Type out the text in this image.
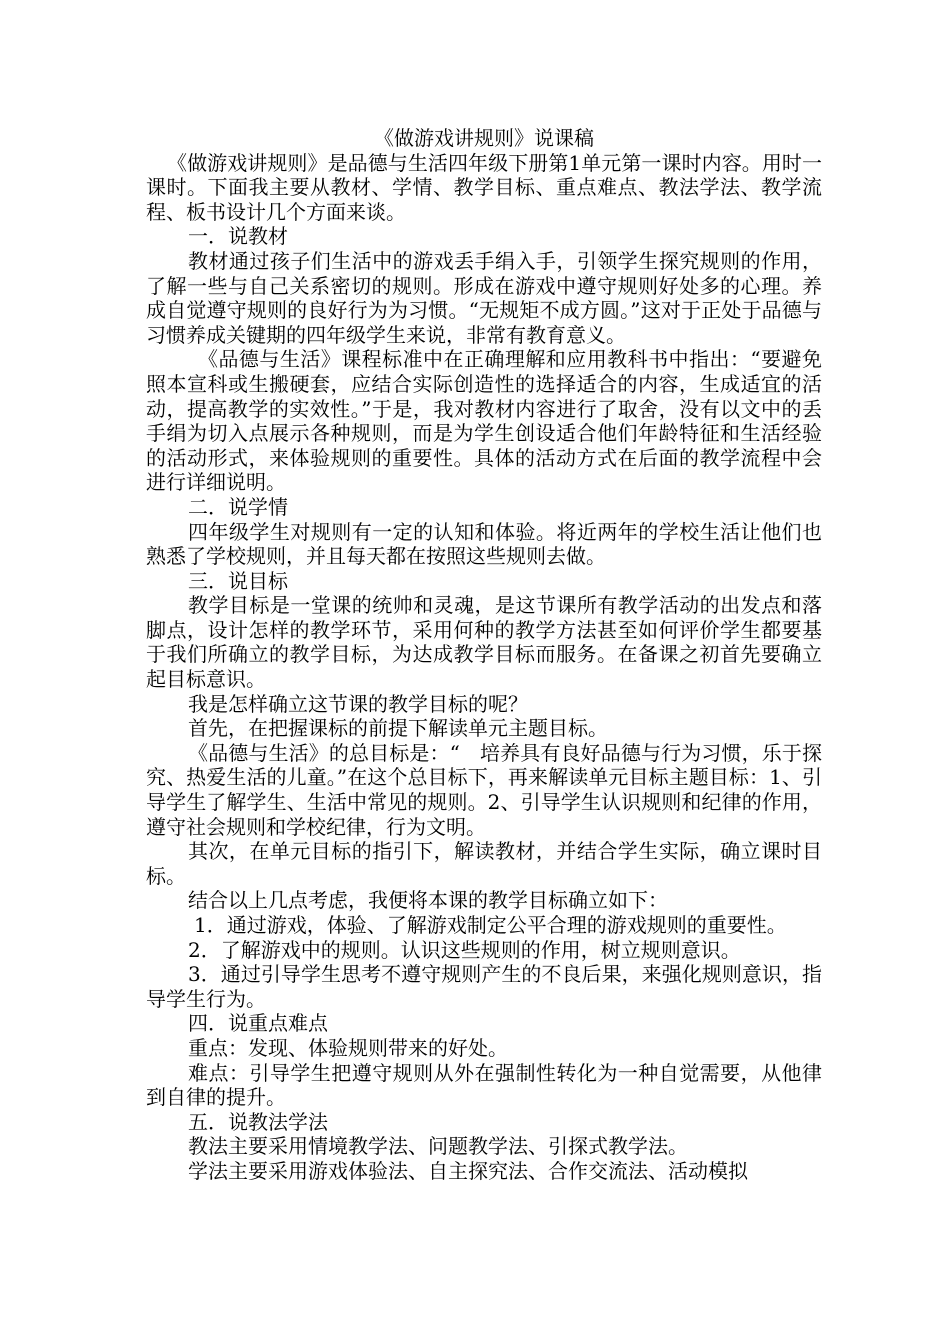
《做游戏讲规则》说课稿

《做游戏讲规则》是品德与生活四年级下册第1单元第一课时内容。用时一课时。下面我主要从教材、学情、教学目标、重点难点、教法学法、教学流程、板书设计几个方面来谈。

一．说教材

教材通过孩子们生活中的游戏丢手绢入手，引领学生探究规则的作用，了解一些与自己关系密切的规则。形成在游戏中遵守规则好处多的心理。养成自觉遵守规则的良好行为为习惯。“无规矩不成方圆。”这对于正处于品德与习惯养成关键期的四年级学生来说，非常有教育意义。

《品德与生活》课程标准中在正确理解和应用教科书中指出：“要避免照本宣科或生搬硬套，应结合实际创造性的选择适合的内容，生成适宜的活动，提高教学的实效性。”于是，我对教材内容进行了取舍，没有以文中的丢手绢为切入点展示各种规则，而是为学生创设适合他们年龄特征和生活经验的活动形式，来体验规则的重要性。具体的活动方式在后面的教学流程中会进行详细说明。

二．说学情

四年级学生对规则有一定的认知和体验。将近两年的学校生活让他们也熟悉了学校规则，并且每天都在按照这些规则去做。

三．说目标

教学目标是一堂课的统帅和灵魂，是这节课所有教学活动的出发点和落脚点，设计怎样的教学环节，采用何种的教学方法甚至如何评价学生都要基于我们所确立的教学目标，为达成教学目标而服务。在备课之初首先要确立起目标意识。

我是怎样确立这节课的教学目标的呢？

首先，在把握课标的前提下解读单元主题目标。

《品德与生活》的总目标是：“　培养具有良好品德与行为习惯，乐于探究、热爱生活的儿童。”在这个总目标下，再来解读单元目标主题目标：1、引导学生了解学生、生活中常见的规则。2、引导学生认识规则和纪律的作用，遵守社会规则和学校纪律，行为文明。

其次，在单元目标的指引下，解读教材，并结合学生实际，确立课时目标。

结合以上几点考虑，我便将本课的教学目标确立如下：

1．通过游戏，体验、了解游戏制定公平合理的游戏规则的重要性。

2．了解游戏中的规则。认识这些规则的作用，树立规则意识。

3．通过引导学生思考不遵守规则产生的不良后果，来强化规则意识，指导学生行为。

四．说重点难点

重点：发现、体验规则带来的好处。

难点：引导学生把遵守规则从外在强制性转化为一种自觉需要，从他律到自律的提升。

五．说教法学法

教法主要采用情境教学法、问题教学法、引探式教学法。

学法主要采用游戏体验法、自主探究法、合作交流法、活动模拟
